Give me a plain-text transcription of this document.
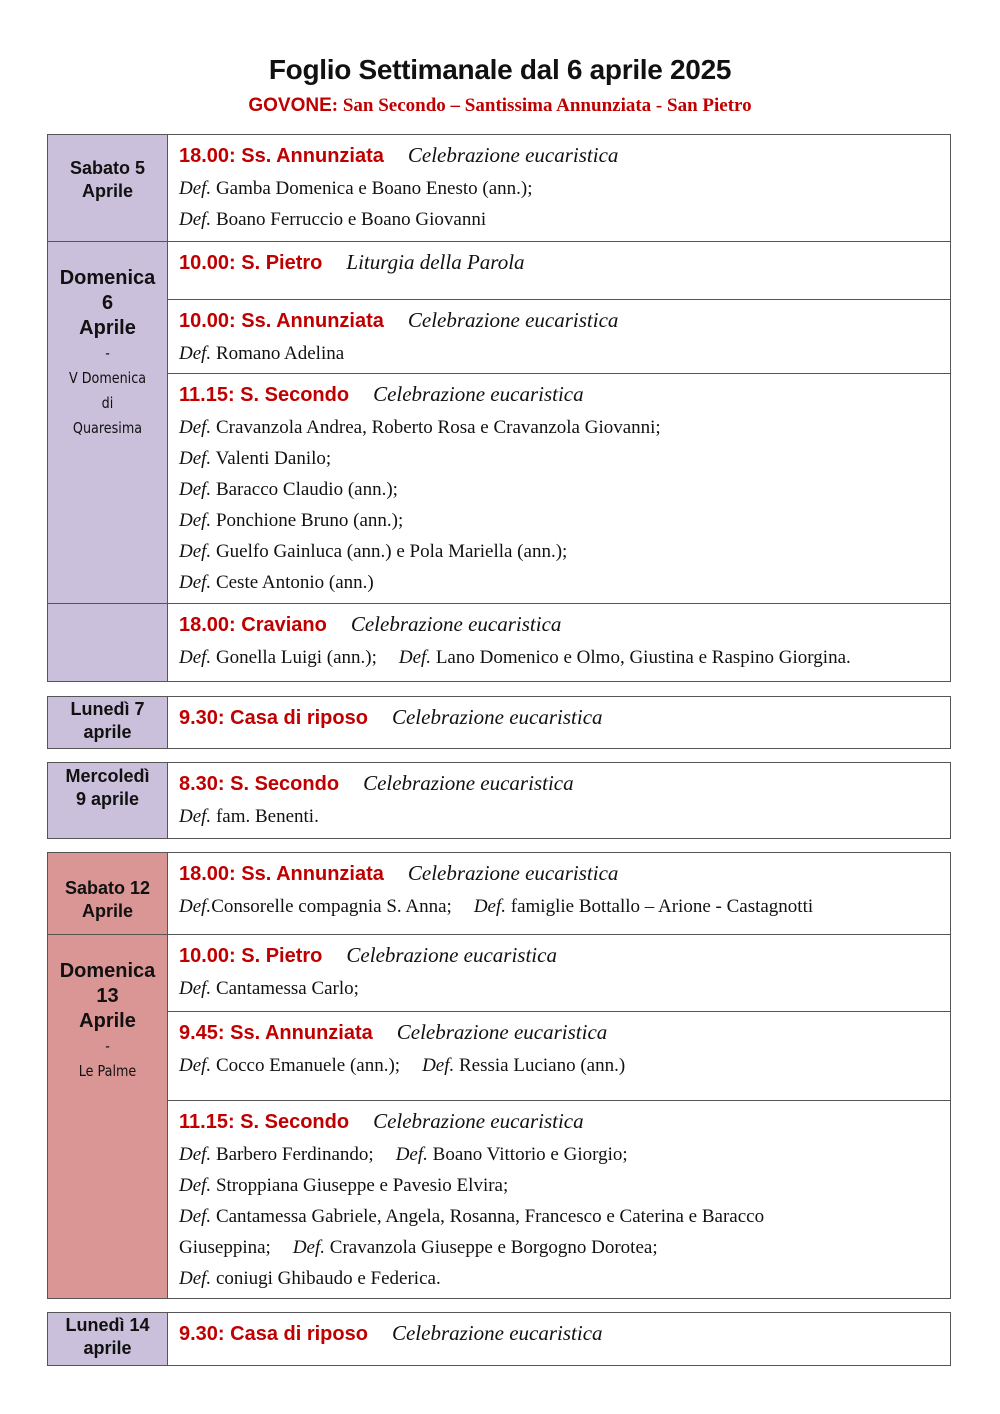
Foglio Settimanale dal 6 aprile 2025
GOVONE: San Secondo – Santissima Annunziata - San Pietro
Sabato 5
Aprile
18.00: Ss. Annunziata Celebrazione eucaristica
Def. Gamba Domenica e Boano Enesto (ann.);
Def. Boano Ferruccio e Boano Giovanni
Domenica
6
Aprile
-
V Domenica
di
Quaresima
10.00: S. Pietro Liturgia della Parola
10.00: Ss. Annunziata Celebrazione eucaristica
Def. Romano Adelina
11.15: S. Secondo Celebrazione eucaristica
Def. Cravanzola Andrea, Roberto Rosa e Cravanzola Giovanni;
Def. Valenti Danilo;
Def. Baracco Claudio (ann.);
Def. Ponchione Bruno (ann.);
Def. Guelfo Gainluca (ann.) e Pola Mariella (ann.);
Def. Ceste Antonio (ann.)
18.00: Craviano Celebrazione eucaristica
Def. Gonella Luigi (ann.); Def. Lano Domenico e Olmo, Giustina e Raspino Giorgina.
Lunedì 7
aprile
9.30: Casa di riposo Celebrazione eucaristica
Mercoledì
9 aprile
8.30: S. Secondo Celebrazione eucaristica
Def. fam. Benenti.
Sabato 12
Aprile
18.00: Ss. Annunziata Celebrazione eucaristica
Def.Consorelle compagnia S. Anna; Def. famiglie Bottallo – Arione - Castagnotti
Domenica
13
Aprile
-
Le Palme
10.00: S. Pietro Celebrazione eucaristica
Def. Cantamessa Carlo;
9.45: Ss. Annunziata Celebrazione eucaristica
Def. Cocco Emanuele (ann.); Def. Ressia Luciano (ann.)
11.15: S. Secondo Celebrazione eucaristica
Def. Barbero Ferdinando; Def. Boano Vittorio e Giorgio;
Def. Stroppiana Giuseppe e Pavesio Elvira;
Def. Cantamessa Gabriele, Angela, Rosanna, Francesco e Caterina e Baracco
Giuseppina; Def. Cravanzola Giuseppe e Borgogno Dorotea;
Def. coniugi Ghibaudo e Federica.
Lunedì 14
aprile
9.30: Casa di riposo Celebrazione eucaristica
